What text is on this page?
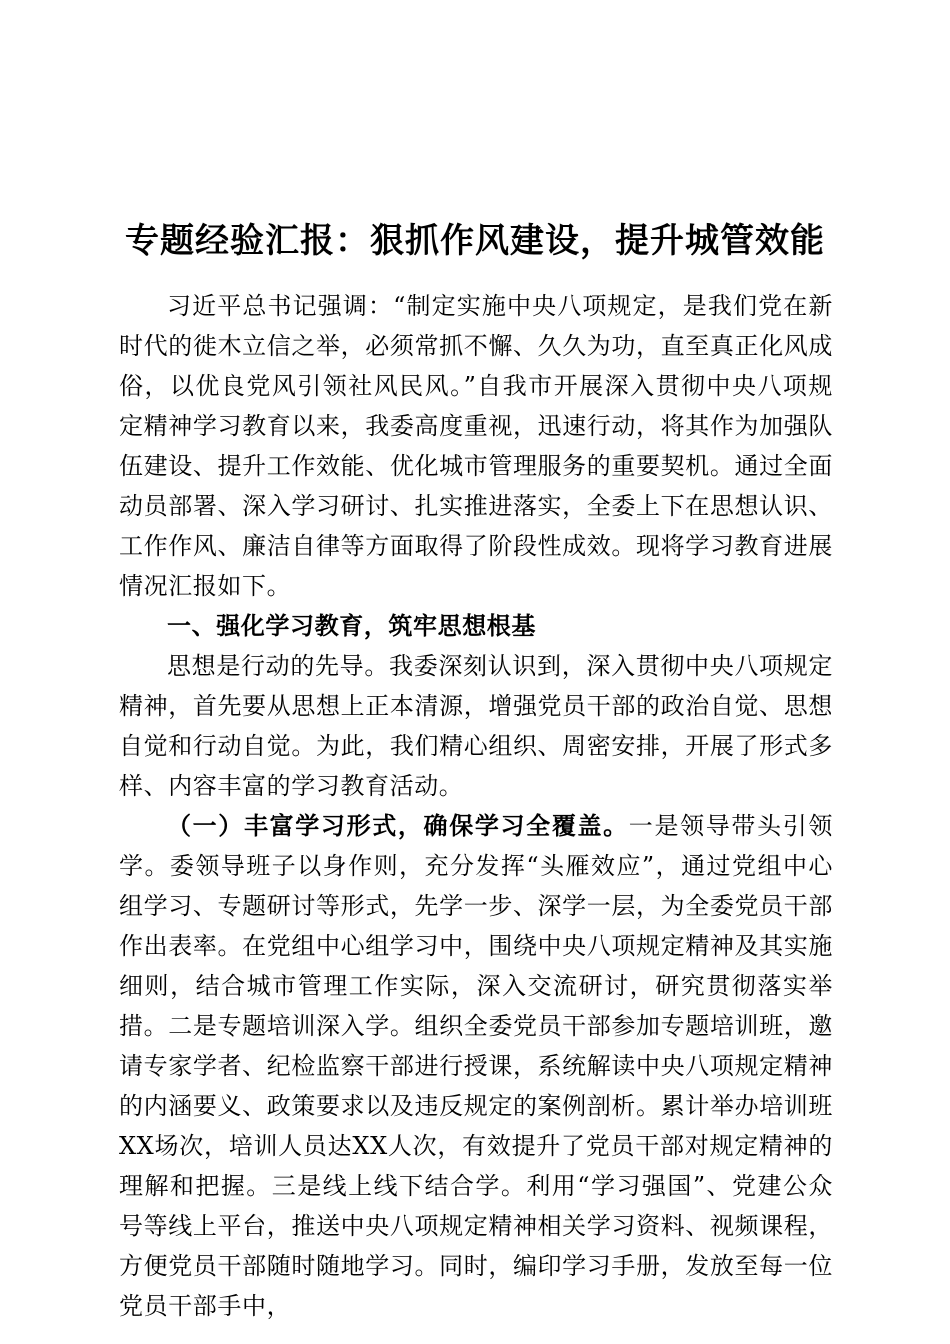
专题经验汇报：狠抓作风建设，提升城管效能

习近平总书记强调：“制定实施中央八项规定，是我们党在新时代的徙木立信之举，必须常抓不懈、久久为功，直至真正化风成俗，以优良党风引领社风民风。”自我市开展深入贯彻中央八项规定精神学习教育以来，我委高度重视，迅速行动，将其作为加强队伍建设、提升工作效能、优化城市管理服务的重要契机。通过全面动员部署、深入学习研讨、扎实推进落实，全委上下在思想认识、工作作风、廉洁自律等方面取得了阶段性成效。现将学习教育进展情况汇报如下。

一、强化学习教育，筑牢思想根基

思想是行动的先导。我委深刻认识到，深入贯彻中央八项规定精神，首先要从思想上正本清源，增强党员干部的政治自觉、思想自觉和行动自觉。为此，我们精心组织、周密安排，开展了形式多样、内容丰富的学习教育活动。

（一）丰富学习形式，确保学习全覆盖。一是领导带头引领学。委领导班子以身作则，充分发挥“头雁效应”，通过党组中心组学习、专题研讨等形式，先学一步、深学一层，为全委党员干部作出表率。在党组中心组学习中，围绕中央八项规定精神及其实施细则，结合城市管理工作实际，深入交流研讨，研究贯彻落实举措。二是专题培训深入学。组织全委党员干部参加专题培训班，邀请专家学者、纪检监察干部进行授课，系统解读中央八项规定精神的内涵要义、政策要求以及违反规定的案例剖析。累计举办培训班XX场次，培训人员达XX人次，有效提升了党员干部对规定精神的理解和把握。三是线上线下结合学。利用“学习强国”、党建公众号等线上平台，推送中央八项规定精神相关学习资料、视频课程，方便党员干部随时随地学习。同时，编印学习手册，发放至每一位党员干部手中，
